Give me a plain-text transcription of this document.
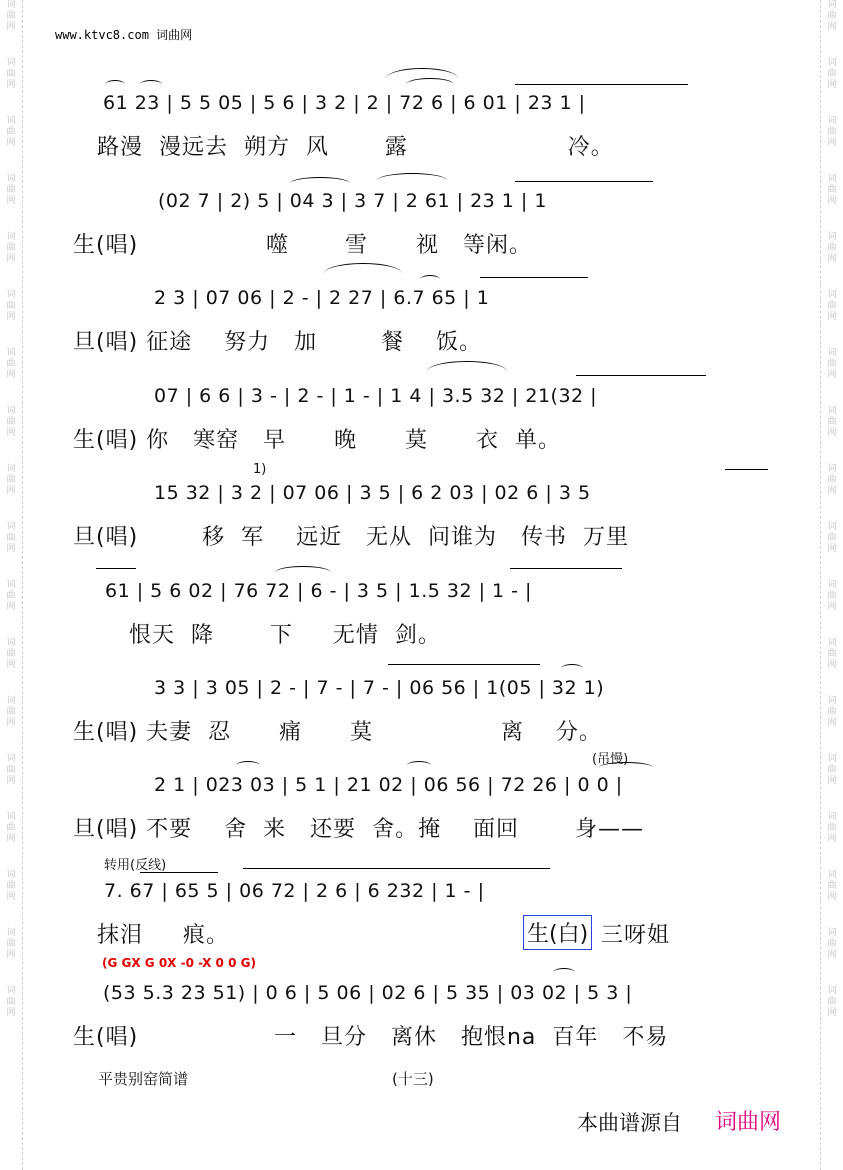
词
曲
网
词
曲
网
词
曲
网
词
曲
网
词
曲
网
词
曲
网
词
曲
网
词
曲
网
词
曲
网
词
曲
网
词
曲
网
词
曲
网
词
曲
网
词
曲
网
词
曲
网
词
曲
网
词
曲
网
词
曲
网
词
曲
网
词
曲
网
词
曲
网
词
曲
网
词
曲
网
词
曲
网
词
曲
网
词
曲
网
词
曲
网
词
曲
网
词
曲
网
词
曲
网
词
曲
网
词
曲
网
词
曲
网
词
曲
网
词
曲
网
词
曲
网
www.ktvc8.com 词曲网
61 23 | 5 5 05 | 5 6 | 3 2 | 2 | 72 6 | 6 01 | 23 1 |
路漫  漫远去  朔方  风       露                    冷。
(02 7 | 2) 5 | 04 3 | 3 7 | 2 61 | 23 1 | 1
生(唱)                噬       雪      视   等闲。
2 3 | 07 06 | 2 - | 2 27 | 6.7 65 | 1
旦(唱) 征途    努力   加        餐    饭。
07 | 6 6 | 3 - | 2 - | 1 - | 1 4 | 3.5 32 | 21(32 |
生(唱) 你   寒窑   早      晚      莫      衣  单。
1)
15 32 | 3 2 | 07 06 | 3 5 | 6 2 03 | 02 6 | 3 5
旦(唱)        移  军    远近   无从  问谁为   传书  万里
61 | 5 6 02 | 76 72 | 6 - | 3 5 | 1.5 32 | 1 - |
恨天  降       下     无情  剑。
3 3 | 3 05 | 2 - | 7 - | 7 - | 06 56 | 1(05 | 32 1)
生(唱) 夫妻  忍      痛      莫                离    分。
(吊慢)
2 1 | 023 03 | 5 1 | 21 02 | 06 56 | 72 26 | 0 0 |
旦(唱) 不要    舍  来   还要  舍。掩    面回       身——
转用(反线)
7. 67 | 65 5 | 06 72 | 2 6 | 6 232 | 1 - |
抹泪     痕。	生(白) 三呀姐
(G GX G 0X -0 -X 0 0 G)
(53 5.3 23 51) | 0 6 | 5 06 | 02 6 | 5 35 | 03 02 | 5 3 |
生(唱)                 一   旦分   离休   抱恨na  百年   不易
平贵别窑简谱	(十三)
本曲谱源自 词曲网
